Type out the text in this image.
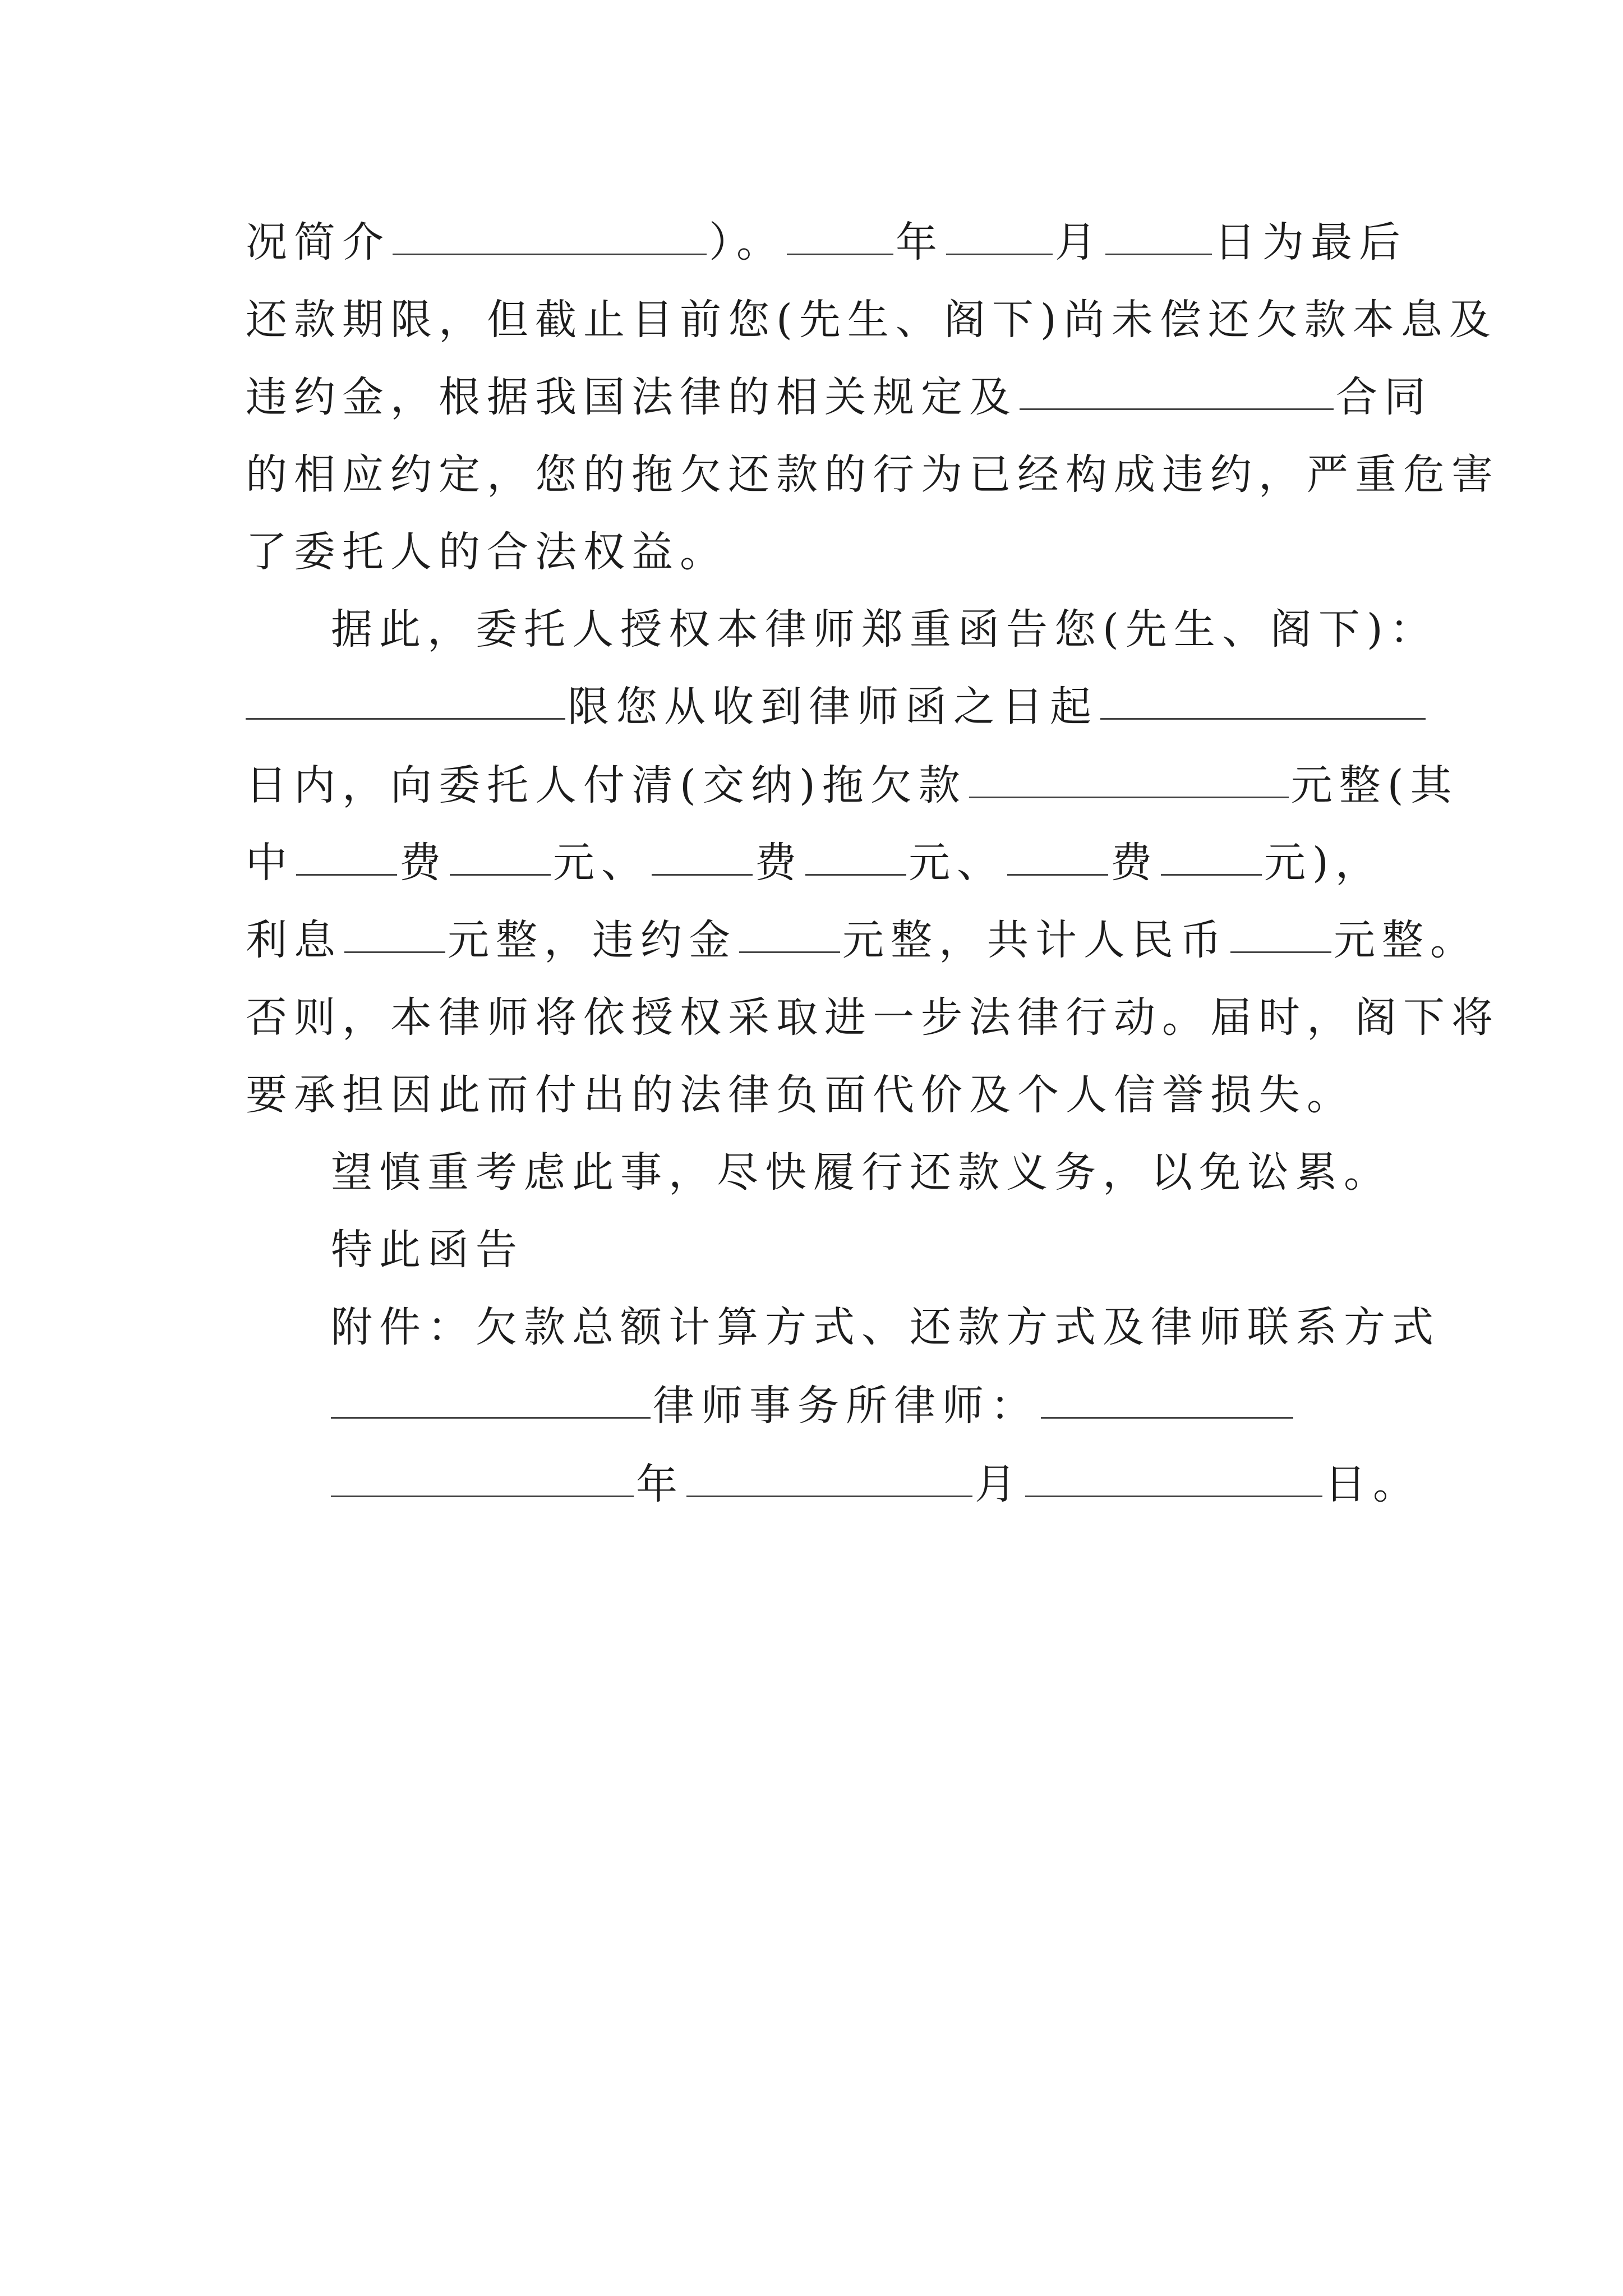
况简介	）。	年	月	日为最后
还款期限，但截止目前您(先生、阁下)尚未偿还欠款本息及
违约金，根据我国法律的相关规定及	合同
的相应约定，您的拖欠还款的行为已经构成违约，严重危害
了委托人的合法权益。
据此，委托人授权本律师郑重函告您(先生、阁下)：
限您从收到律师函之日起
日内，向委托人付清(交纳)拖欠款	元整(其
中	费	元、	费	元、	费	元)，
利息	元整，违约金	元整，共计人民币	元整。
否则，本律师将依授权采取进一步法律行动。届时，阁下将
要承担因此而付出的法律负面代价及个人信誉损失。
望慎重考虑此事，尽快履行还款义务，以免讼累。
特此函告
附件：欠款总额计算方式、还款方式及律师联系方式
律师事务所律师：
年	月	日。
